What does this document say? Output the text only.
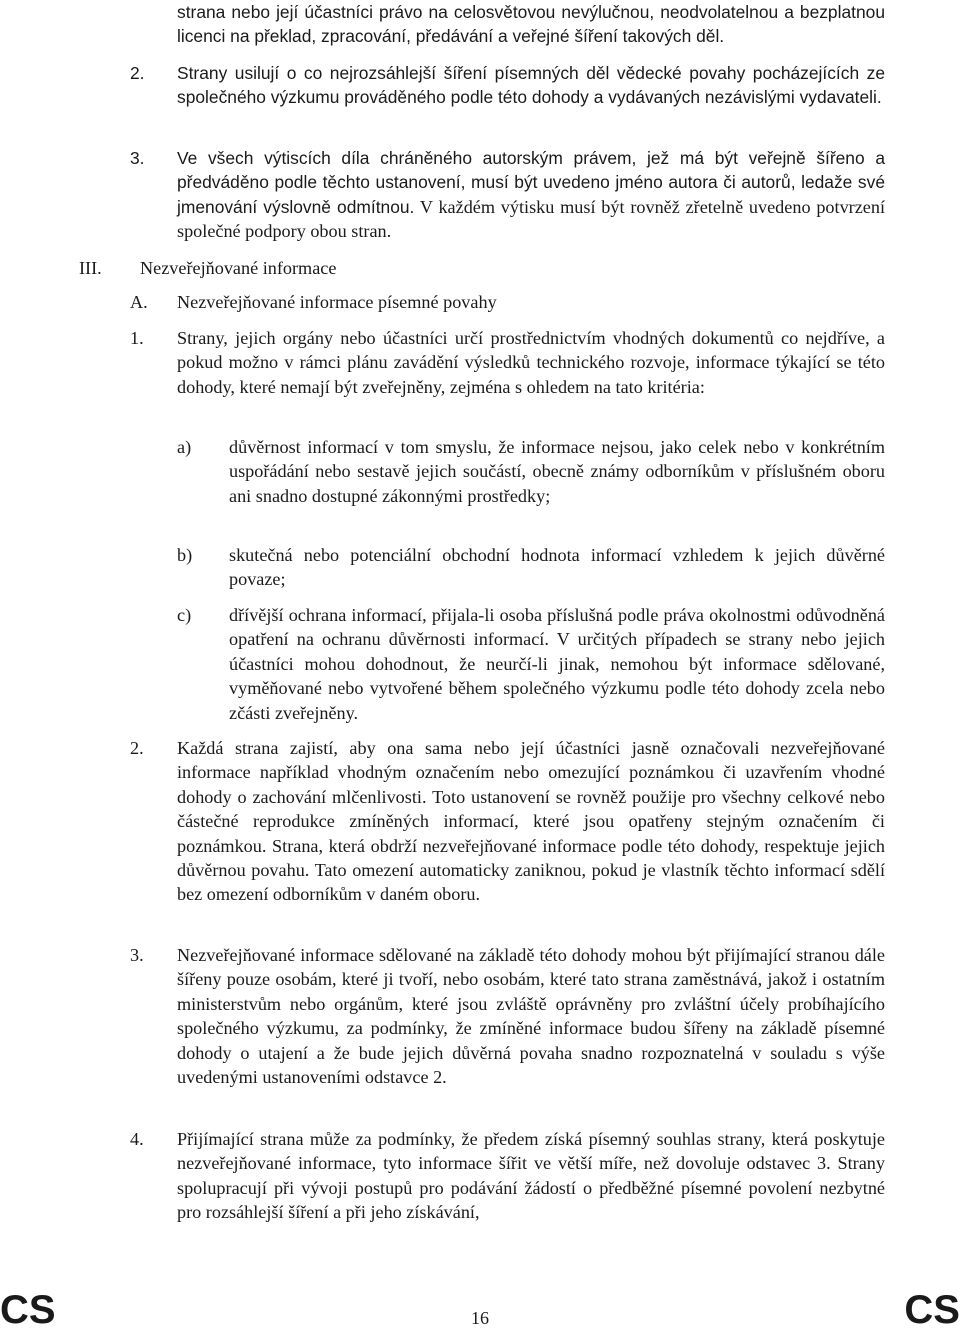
strana nebo její účastníci právo na celosvětovou nevýlučnou, neodvolatelnou a bezplatnou licenci na překlad, zpracování, předávání a veřejné šíření takových děl.

2. Strany usilují o co nejrozsáhlejší šíření písemných děl vědecké povahy pocházejících ze společného výzkumu prováděného podle této dohody a vydávaných nezávislými vydavateli.

3. Ve všech výtiscích díla chráněného autorským právem, jež má být veřejně šířeno a předváděno podle těchto ustanovení, musí být uvedeno jméno autora či autorů, ledaže své jmenování výslovně odmítnou. V každém výtisku musí být rovněž zřetelně uvedeno potvrzení společné podpory obou stran.

III. Nezveřejňované informace
A. Nezveřejňované informace písemné povahy
1. Strany, jejich orgány nebo účastníci určí prostřednictvím vhodných dokumentů co nejdříve, a pokud možno v rámci plánu zavádění výsledků technického rozvoje, informace týkající se této dohody, které nemají být zveřejněny, zejména s ohledem na tato kritéria:

a) důvěrnost informací v tom smyslu, že informace nejsou, jako celek nebo v konkrétním uspořádání nebo sestavě jejich součástí, obecně známy odborníkům v příslušném oboru ani snadno dostupné zákonnými prostředky;

b) skutečná nebo potenciální obchodní hodnota informací vzhledem k jejich důvěrné povaze;

c) dřívější ochrana informací, přijala-li osoba příslušná podle práva okolnostmi odůvodněná opatření na ochranu důvěrnosti informací. V určitých případech se strany nebo jejich účastníci mohou dohodnout, že neurčí-li jinak, nemohou být informace sdělované, vyměňované nebo vytvořené během společného výzkumu podle této dohody zcela nebo zčásti zveřejněny.

2. Každá strana zajistí, aby ona sama nebo její účastníci jasně označovali nezveřejňované informace například vhodným označením nebo omezující poznámkou či uzavřením vhodné dohody o zachování mlčenlivosti. Toto ustanovení se rovněž použije pro všechny celkové nebo částečné reprodukce zmíněných informací, které jsou opatřeny stejným označením či poznámkou. Strana, která obdrží nezveřejňované informace podle této dohody, respektuje jejich důvěrnou povahu. Tato omezení automaticky zaniknou, pokud je vlastník těchto informací sdělí bez omezení odborníkům v daném oboru.

3. Nezveřejňované informace sdělované na základě této dohody mohou být přijímající stranou dále šířeny pouze osobám, které ji tvoří, nebo osobám, které tato strana zaměstnává, jakož i ostatním ministerstvům nebo orgánům, které jsou zvláště oprávněny pro zvláštní účely probíhajícího společného výzkumu, za podmínky, že zmíněné informace budou šířeny na základě písemné dohody o utajení a že bude jejich důvěrná povaha snadno rozpoznatelná v souladu s výše uvedenými ustanoveními odstavce 2.

4. Přijímající strana může za podmínky, že předem získá písemný souhlas strany, která poskytuje nezveřejňované informace, tyto informace šířit ve větší míře, než dovoluje odstavec 3. Strany spolupracují při vývoji postupů pro podávání žádostí o předběžné písemné povolení nezbytné pro rozsáhlejší šíření a při jeho získávání,

CS	16	CS
